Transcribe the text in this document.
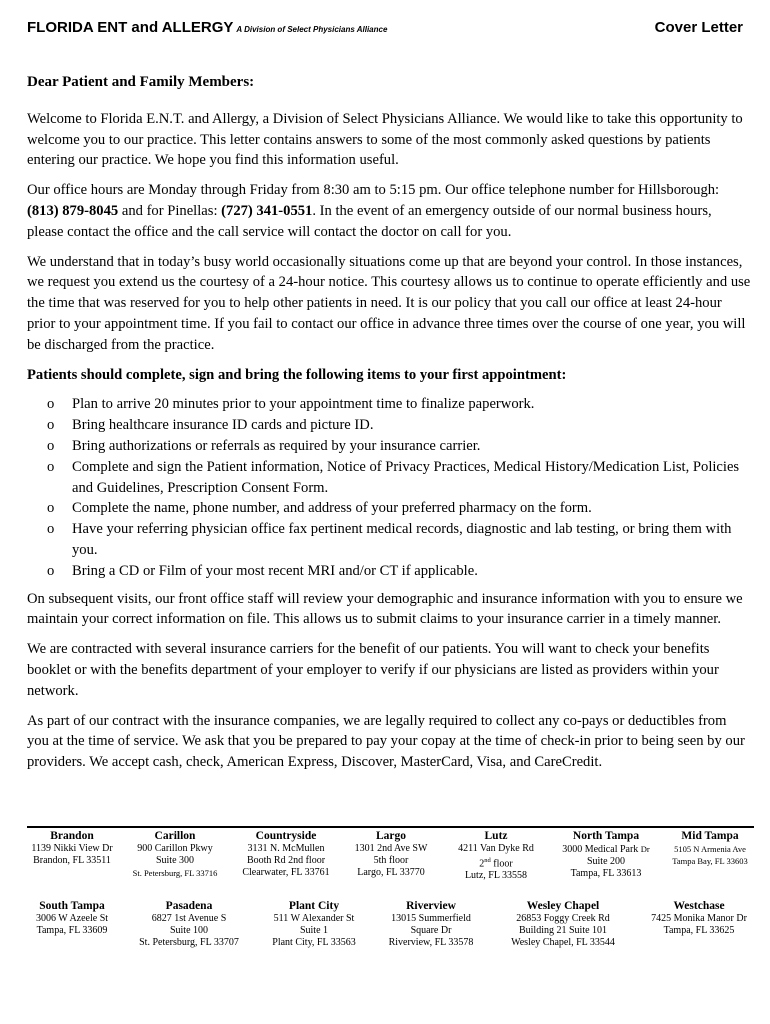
FLORIDA ENT and ALLERGY A Division of Select Physicians Alliance	Cover Letter

Dear Patient and Family Members:

Welcome to Florida E.N.T. and Allergy, a Division of Select Physicians Alliance. We would like to take this opportunity to welcome you to our practice. This letter contains answers to some of the most commonly asked questions by patients entering our practice. We hope you find this information useful.

Our office hours are Monday through Friday from 8:30 am to 5:15 pm. Our office telephone number for Hillsborough: (813) 879-8045 and for Pinellas: (727) 341-0551. In the event of an emergency outside of our normal business hours, please contact the office and the call service will contact the doctor on call for you.

We understand that in today’s busy world occasionally situations come up that are beyond your control. In those instances, we request you extend us the courtesy of a 24-hour notice. This courtesy allows us to continue to operate efficiently and use the time that was reserved for you to help other patients in need. It is our policy that you call our office at least 24-hour prior to your appointment time. If you fail to contact our office in advance three times over the course of one year, you will be discharged from the practice.

Patients should complete, sign and bring the following items to your first appointment:

o Plan to arrive 20 minutes prior to your appointment time to finalize paperwork.
o Bring healthcare insurance ID cards and picture ID.
o Bring authorizations or referrals as required by your insurance carrier.
o Complete and sign the Patient information, Notice of Privacy Practices, Medical History/Medication List, Policies and Guidelines, Prescription Consent Form.
o Complete the name, phone number, and address of your preferred pharmacy on the form.
o Have your referring physician office fax pertinent medical records, diagnostic and lab testing, or bring them with you.
o Bring a CD or Film of your most recent MRI and/or CT if applicable.

On subsequent visits, our front office staff will review your demographic and insurance information with you to ensure we maintain your correct information on file. This allows us to submit claims to your insurance carrier in a timely manner.

We are contracted with several insurance carriers for the benefit of our patients. You will want to check your benefits booklet or with the benefits department of your employer to verify if our physicians are listed as providers within your network.

As part of our contract with the insurance companies, we are legally required to collect any co-pays or deductibles from you at the time of service. We ask that you be prepared to pay your copay at the time of check-in prior to being seen by our providers. We accept cash, check, American Express, Discover, MasterCard, Visa, and CareCredit.

Brandon
1139 Nikki View Dr
Brandon, FL 33511
Carillon
900 Carillon Pkwy
Suite 300
St. Petersburg, FL 33716
Countryside
3131 N. McMullen
Booth Rd 2nd floor
Clearwater, FL 33761
Largo
1301 2nd Ave SW
5th floor
Largo, FL 33770
Lutz
4211 Van Dyke Rd
2nd floor
Lutz, FL 33558
North Tampa
3000 Medical Park Dr
Suite 200
Tampa, FL 33613
Mid Tampa
5105 N Armenia Ave
Tampa Bay, FL 33603
South Tampa
3006 W Azeele St
Tampa, FL 33609
Pasadena
6827 1st Avenue S
Suite 100
St. Petersburg, FL 33707
Plant City
511 W Alexander St
Suite 1
Plant City, FL 33563
Riverview
13015 Summerfield
Square Dr
Riverview, FL 33578
Wesley Chapel
26853 Foggy Creek Rd
Building 21 Suite 101
Wesley Chapel, FL 33544
Westchase
7425 Monika Manor Dr
Tampa, FL 33625
